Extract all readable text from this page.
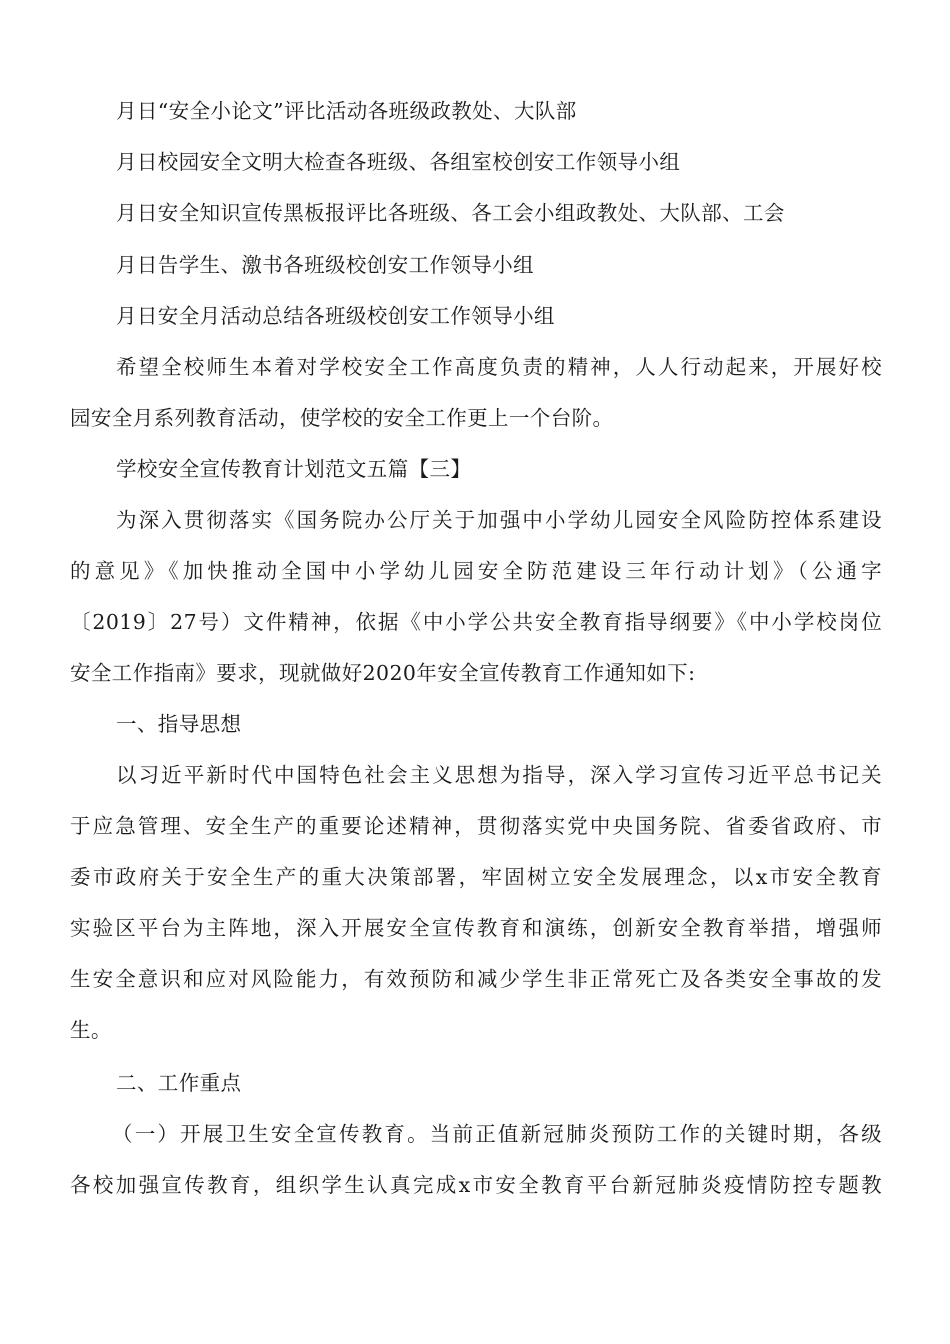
月日“安全小论文”评比活动各班级政教处、大队部
月日校园安全文明大检查各班级、各组室校创安工作领导小组
月日安全知识宣传黑板报评比各班级、各工会小组政教处、大队部、工会
月日告学生、激书各班级校创安工作领导小组
月日安全月活动总结各班级校创安工作领导小组
希望全校师生本着对学校安全工作高度负责的精神，人人行动起来，开展好校
园安全月系列教育活动，使学校的安全工作更上一个台阶。
学校安全宣传教育计划范文五篇【三】
为深入贯彻落实《国务院办公厅关于加强中小学幼儿园安全风险防控体系建设
的意见》《加快推动全国中小学幼儿园安全防范建设三年行动计划》（公通字
〔2019〕27号）文件精神，依据《中小学公共安全教育指导纲要》《中小学校岗位
安全工作指南》要求，现就做好2020年安全宣传教育工作通知如下:
一、指导思想
以习近平新时代中国特色社会主义思想为指导，深入学习宣传习近平总书记关
于应急管理、安全生产的重要论述精神，贯彻落实党中央国务院、省委省政府、市
委市政府关于安全生产的重大决策部署，牢固树立安全发展理念，以x市安全教育
实验区平台为主阵地，深入开展安全宣传教育和演练，创新安全教育举措，增强师
生安全意识和应对风险能力，有效预防和减少学生非正常死亡及各类安全事故的发
生。
二、工作重点
（一）开展卫生安全宣传教育。当前正值新冠肺炎预防工作的关键时期，各级
各校加强宣传教育，组织学生认真完成x市安全教育平台新冠肺炎疫情防控专题教
